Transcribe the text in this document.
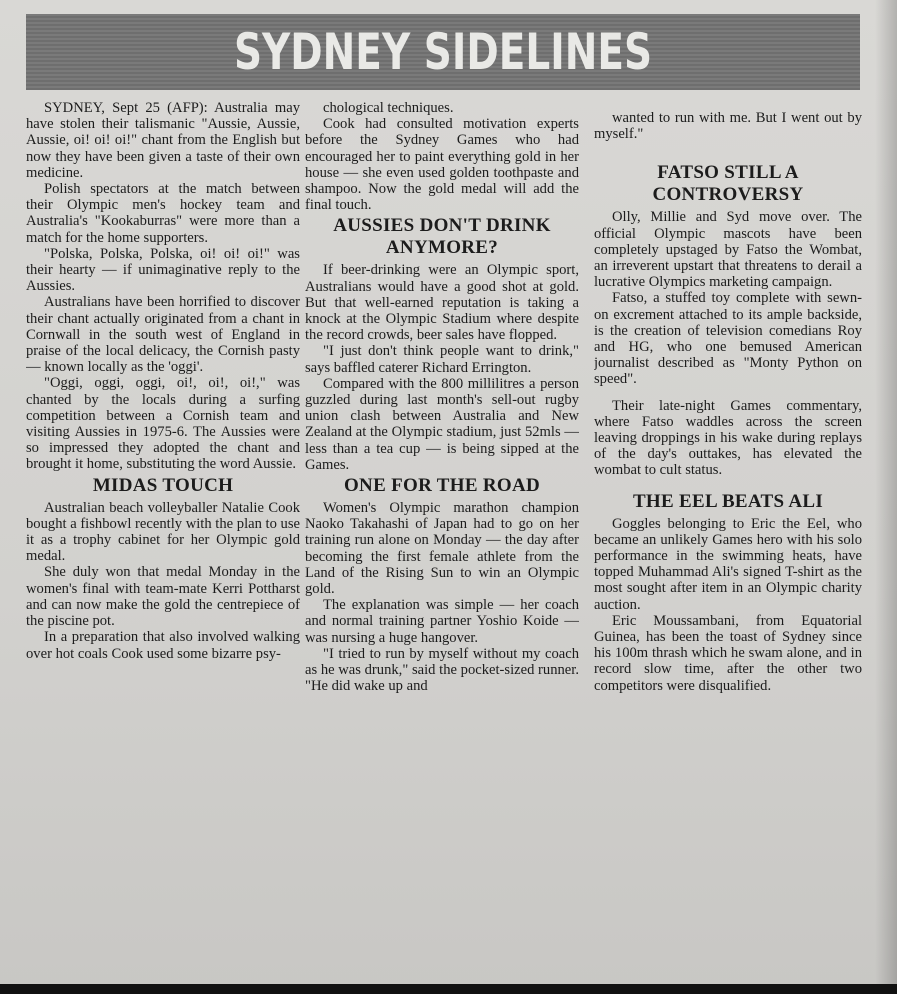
SYDNEY SIDELINES

SYDNEY, Sept 25 (AFP): Australia may have stolen their talismanic "Aussie, Aussie, Aussie, oi! oi! oi!" chant from the English but now they have been given a taste of their own medicine.

Polish spectators at the match between their Olympic men's hockey team and Australia's "Kookaburras" were more than a match for the home supporters.

"Polska, Polska, Polska, oi! oi! oi!" was their hearty — if unimaginative reply to the Aussies.

Australians have been horrified to discover their chant actually originated from a chant in Cornwall in the south west of England in praise of the local delicacy, the Cornish pasty — known locally as the 'oggi'.

"Oggi, oggi, oggi, oi!, oi!, oi!," was chanted by the locals during a surfing competition between a Cornish team and visiting Aussies in 1975-6. The Aussies were so impressed they adopted the chant and brought it home, substituting the word Aussie.

MIDAS TOUCH

Australian beach volleyballer Natalie Cook bought a fishbowl recently with the plan to use it as a trophy cabinet for her Olympic gold medal.

She duly won that medal Monday in the women's final with team-mate Kerri Pottharst and can now make the gold the centrepiece of the piscine pot.

In a preparation that also involved walking over hot coals Cook used some bizarre psy-

chological techniques.

Cook had consulted motivation experts before the Sydney Games who had encouraged her to paint everything gold in her house — she even used golden toothpaste and shampoo. Now the gold medal will add the final touch.

AUSSIES DON'T DRINK ANYMORE?

If beer-drinking were an Olympic sport, Australians would have a good shot at gold. But that well-earned reputation is taking a knock at the Olympic Stadium where despite the record crowds, beer sales have flopped.

"I just don't think people want to drink," says baffled caterer Richard Errington.

Compared with the 800 millilitres a person guzzled during last month's sell-out rugby union clash between Australia and New Zealand at the Olympic stadium, just 52mls — less than a tea cup — is being sipped at the Games.

ONE FOR THE ROAD

Women's Olympic marathon champion Naoko Takahashi of Japan had to go on her training run alone on Monday — the day after becoming the first female athlete from the Land of the Rising Sun to win an Olympic gold.

The explanation was simple — her coach and normal training partner Yoshio Koide — was nursing a huge hangover.

"I tried to run by myself without my coach as he was drunk," said the pocket-sized runner. "He did wake up and

wanted to run with me. But I went out by myself."

FATSO STILL A CONTROVERSY

Olly, Millie and Syd move over. The official Olympic mascots have been completely upstaged by Fatso the Wombat, an irreverent upstart that threatens to derail a lucrative Olympics marketing campaign.

Fatso, a stuffed toy complete with sewn-on excrement attached to its ample backside, is the creation of television comedians Roy and HG, who one bemused American journalist described as "Monty Python on speed".

Their late-night Games commentary, where Fatso waddles across the screen leaving droppings in his wake during replays of the day's outtakes, has elevated the wombat to cult status.

THE EEL BEATS ALI

Goggles belonging to Eric the Eel, who became an unlikely Games hero with his solo performance in the swimming heats, have topped Muhammad Ali's signed T-shirt as the most sought after item in an Olympic charity auction.

Eric Moussambani, from Equatorial Guinea, has been the toast of Sydney since his 100m thrash which he swam alone, and in record slow time, after the other two competitors were disqualified.
